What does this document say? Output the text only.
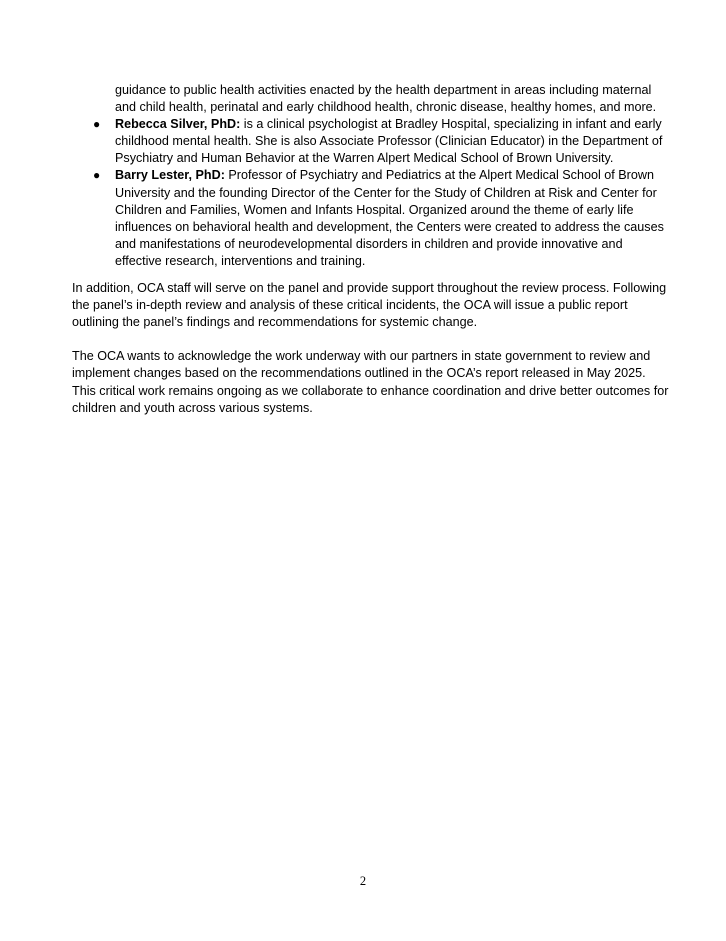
guidance to public health activities enacted by the health department in areas including maternal and child health, perinatal and early childhood health, chronic disease, healthy homes, and more.

● Rebecca Silver, PhD: is a clinical psychologist at Bradley Hospital, specializing in infant and early childhood mental health. She is also Associate Professor (Clinician Educator) in the Department of Psychiatry and Human Behavior at the Warren Alpert Medical School of Brown University.
● Barry Lester, PhD: Professor of Psychiatry and Pediatrics at the Alpert Medical School of Brown University and the founding Director of the Center for the Study of Children at Risk and Center for Children and Families, Women and Infants Hospital. Organized around the theme of early life influences on behavioral health and development, the Centers were created to address the causes and manifestations of neurodevelopmental disorders in children and provide innovative and effective research, interventions and training.

In addition, OCA staff will serve on the panel and provide support throughout the review process. Following the panel’s in-depth review and analysis of these critical incidents, the OCA will issue a public report outlining the panel’s findings and recommendations for systemic change.

The OCA wants to acknowledge the work underway with our partners in state government to review and implement changes based on the recommendations outlined in the OCA’s report released in May 2025. This critical work remains ongoing as we collaborate to enhance coordination and drive better outcomes for children and youth across various systems.

2
